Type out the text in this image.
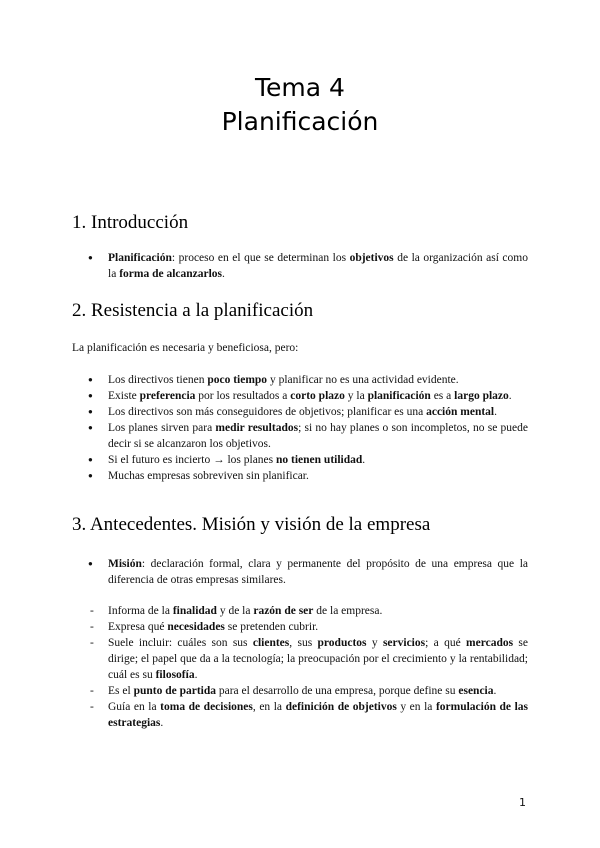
Tema 4
Planificación
1. Introducción
● Planificación: proceso en el que se determinan los objetivos de la organización así como la forma de alcanzarlos.
2. Resistencia a la planificación
La planificación es necesaria y beneficiosa, pero:
● Los directivos tienen poco tiempo y planificar no es una actividad evidente.
● Existe preferencia por los resultados a corto plazo y la planificación es a largo plazo.
● Los directivos son más conseguidores de objetivos; planificar es una acción mental.
● Los planes sirven para medir resultados; si no hay planes o son incompletos, no se puede decir si se alcanzaron los objetivos.
● Si el futuro es incierto → los planes no tienen utilidad.
● Muchas empresas sobreviven sin planificar.
3. Antecedentes. Misión y visión de la empresa
● Misión: declaración formal, clara y permanente del propósito de una empresa que la diferencia de otras empresas similares.
- Informa de la finalidad y de la razón de ser de la empresa.
- Expresa qué necesidades se pretenden cubrir.
- Suele incluir: cuáles son sus clientes, sus productos y servicios; a qué mercados se dirige; el papel que da a la tecnología; la preocupación por el crecimiento y la rentabilidad; cuál es su filosofía.
- Es el punto de partida para el desarrollo de una empresa, porque define su esencia.
- Guía en la toma de decisiones, en la definición de objetivos y en la formulación de las estrategias.
1
